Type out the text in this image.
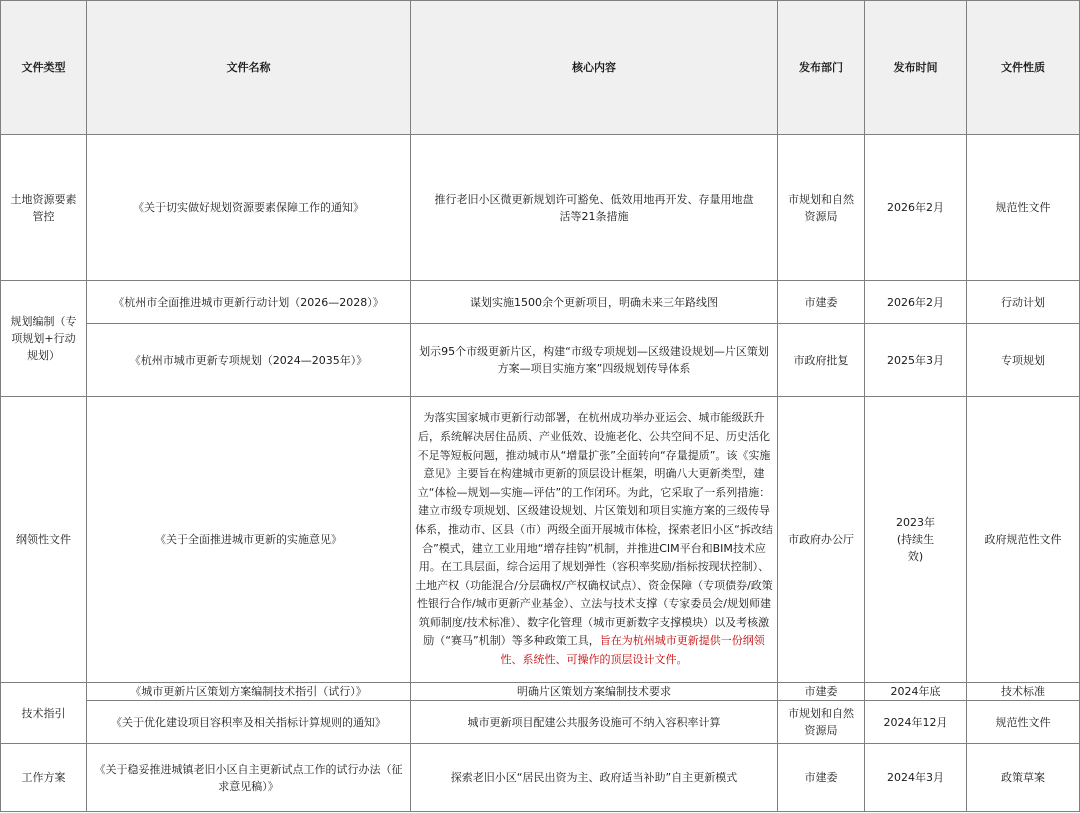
文件类型	文件名称	核心内容	发布部门	发布时间	文件性质
土地资源要素管控	《关于切实做好规划资源要素保障工作的通知》	推行老旧小区微更新规划许可豁免、低效用地再开发、存量用地盘活等21条措施	市规划和自然资源局	2026年2月	规范性文件
规划编制（专项规划+行动规划）	《杭州市全面推进城市更新行动计划（2026—2028）》	谋划实施1500余个更新项目，明确未来三年路线图	市建委	2026年2月	行动计划
	《杭州市城市更新专项规划（2024—2035年）》	划示95个市级更新片区，构建“市级专项规划—区级建设规划—片区策划方案—项目实施方案”四级规划传导体系	市政府批复	2025年3月	专项规划
纲领性文件	《关于全面推进城市更新的实施意见》	为落实国家城市更新行动部署，在杭州成功举办亚运会、城市能级跃升后，系统解决居住品质、产业低效、设施老化、公共空间不足、历史活化不足等短板问题，推动城市从“增量扩张”全面转向“存量提质”。该《实施意见》主要旨在构建城市更新的顶层设计框架，明确八大更新类型，建立“体检—规划—实施—评估”的工作闭环。为此，它采取了一系列措施：建立市级专项规划、区级建设规划、片区策划和项目实施方案的三级传导体系，推动市、区县（市）两级全面开展城市体检，探索老旧小区“拆改结合”模式，建立工业用地“增存挂钩”机制，并推进CIM平台和BIM技术应用。在工具层面，综合运用了规划弹性（容积率奖励/指标按现状控制）、土地产权（功能混合/分层确权/产权确权试点）、资金保障（专项债券/政策性银行合作/城市更新产业基金）、立法与技术支撑（专家委员会/规划师建筑师制度/技术标准）、数字化管理（城市更新数字支撑模块）以及考核激励（“赛马”机制）等多种政策工具，旨在为杭州城市更新提供一份纲领性、系统性、可操作的顶层设计文件。	市政府办公厅	2023年(持续生效)	政府规范性文件
技术指引	《城市更新片区策划方案编制技术指引（试行）》	明确片区策划方案编制技术要求	市建委	2024年底	技术标准
	《关于优化建设项目容积率及相关指标计算规则的通知》	城市更新项目配建公共服务设施可不纳入容积率计算	市规划和自然资源局	2024年12月	规范性文件
工作方案	《关于稳妥推进城镇老旧小区自主更新试点工作的试行办法（征求意见稿）》	探索老旧小区“居民出资为主、政府适当补助”自主更新模式	市建委	2024年3月	政策草案
